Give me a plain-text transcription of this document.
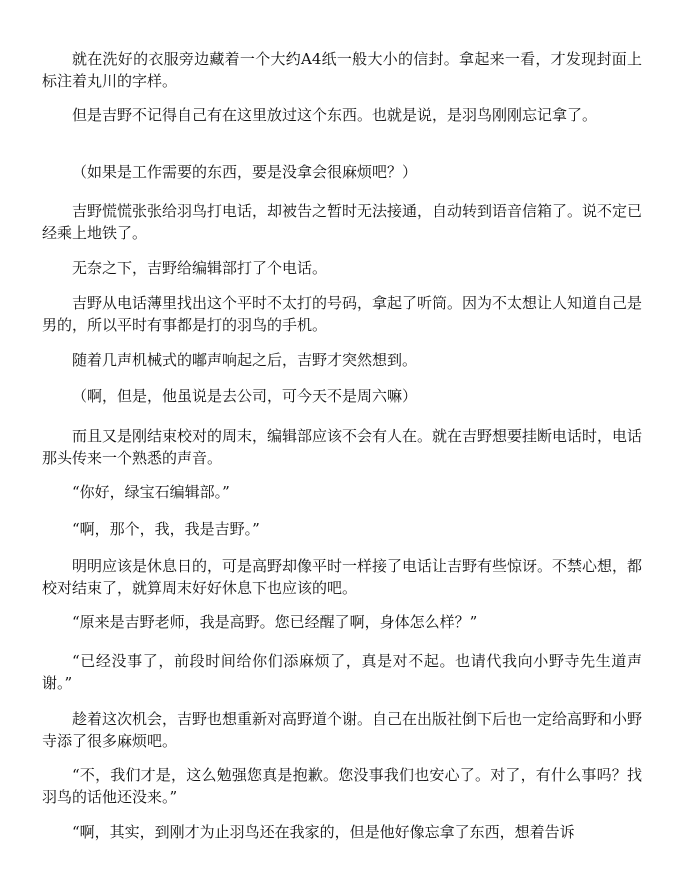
就在洗好的衣服旁边藏着一个大约A4纸一般大小的信封。拿起来一看，才发现封面上标注着丸川的字样。

但是吉野不记得自己有在这里放过这个东西。也就是说，是羽鸟刚刚忘记拿了。

（如果是工作需要的东西，要是没拿会很麻烦吧？）

吉野慌慌张张给羽鸟打电话，却被告之暂时无法接通，自动转到语音信箱了。说不定已经乘上地铁了。

无奈之下，吉野给编辑部打了个电话。

吉野从电话薄里找出这个平时不太打的号码，拿起了听筒。因为不太想让人知道自己是男的，所以平时有事都是打的羽鸟的手机。

随着几声机械式的嘟声响起之后，吉野才突然想到。

（啊，但是，他虽说是去公司，可今天不是周六嘛）

而且又是刚结束校对的周末，编辑部应该不会有人在。就在吉野想要挂断电话时，电话那头传来一个熟悉的声音。

“你好，绿宝石编辑部。”

“啊，那个，我，我是吉野。”

明明应该是休息日的，可是高野却像平时一样接了电话让吉野有些惊讶。不禁心想，都校对结束了，就算周末好好休息下也应该的吧。

“原来是吉野老师，我是高野。您已经醒了啊，身体怎么样？”

“已经没事了，前段时间给你们添麻烦了，真是对不起。也请代我向小野寺先生道声谢。”

趁着这次机会，吉野也想重新对高野道个谢。自己在出版社倒下后也一定给高野和小野寺添了很多麻烦吧。

“不，我们才是，这么勉强您真是抱歉。您没事我们也安心了。对了，有什么事吗？找羽鸟的话他还没来。”

“啊，其实，到刚才为止羽鸟还在我家的，但是他好像忘拿了东西，想着告诉
